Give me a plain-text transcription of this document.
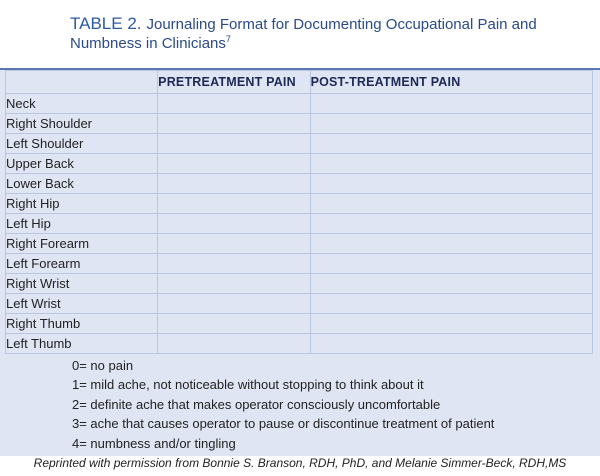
TABLE 2. Journaling Format for Documenting Occupational Pain and Numbness in Clinicians$^7$
	PRETREATMENT PAIN	POST-TREATMENT PAIN
Neck		
Right Shoulder		
Left Shoulder		
Upper Back		
Lower Back		
Right Hip		
Left Hip		
Right Forearm		
Left Forearm		
Right Wrist		
Left Wrist		
Right Thumb		
Left Thumb		
0= no pain
1= mild ache, not noticeable without stopping to think about it
2= definite ache that makes operator consciously uncomfortable
3= ache that causes operator to pause or discontinue treatment of patient
4= numbness and/or tingling
Reprinted with permission from Bonnie S. Branson, RDH, PhD, and Melanie Simmer-Beck, RDH,MS
